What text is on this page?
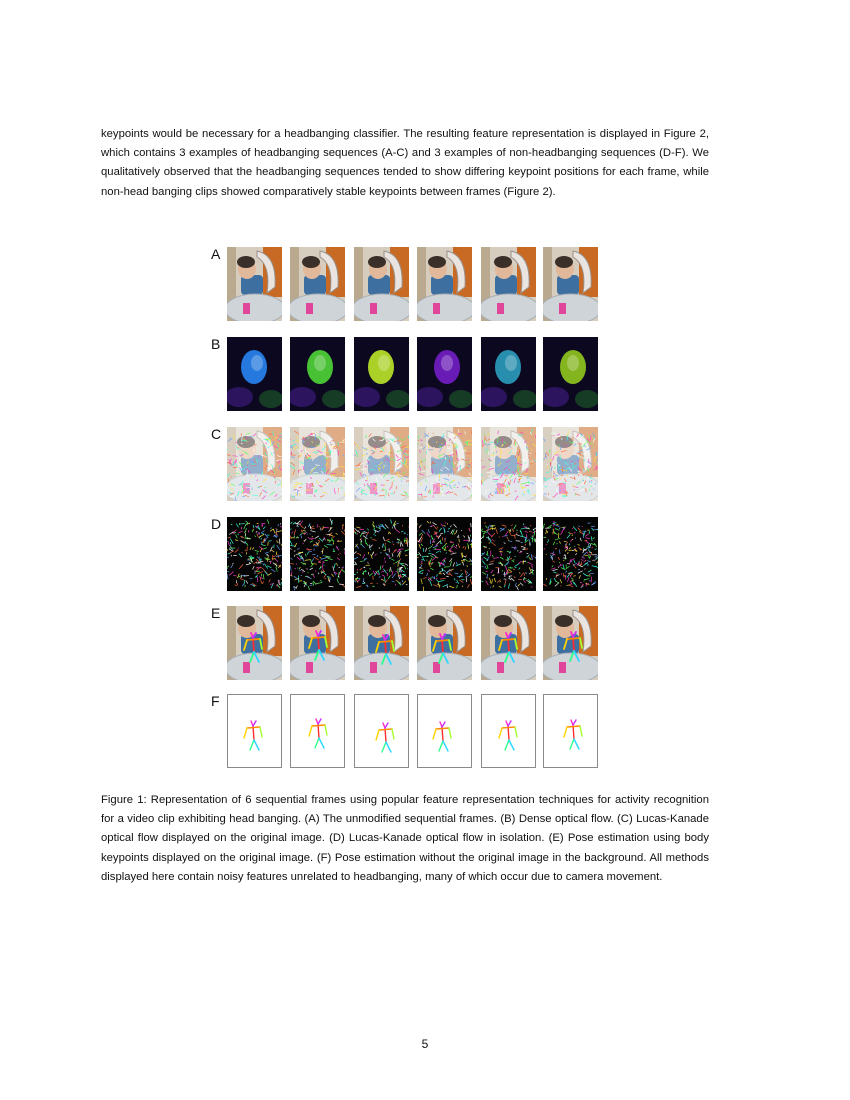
keypoints would be necessary for a headbanging classifier. The resulting feature representation is displayed in Figure 2, which contains 3 examples of headbanging sequences (A-C) and 3 examples of non-headbanging sequences (D-F). We qualitatively observed that the headbanging sequences tended to show differing keypoint positions for each frame, while non-head banging clips showed comparatively stable keypoints between frames (Figure 2).

A
B
C
D
E
F

Figure 1: Representation of 6 sequential frames using popular feature representation techniques for activity recognition for a video clip exhibiting head banging. (A) The unmodified sequential frames. (B) Dense optical flow. (C) Lucas-Kanade optical flow displayed on the original image. (D) Lucas-Kanade optical flow in isolation. (E) Pose estimation using body keypoints displayed on the original image. (F) Pose estimation without the original image in the background. All methods displayed here contain noisy features unrelated to headbanging, many of which occur due to camera movement.

5
